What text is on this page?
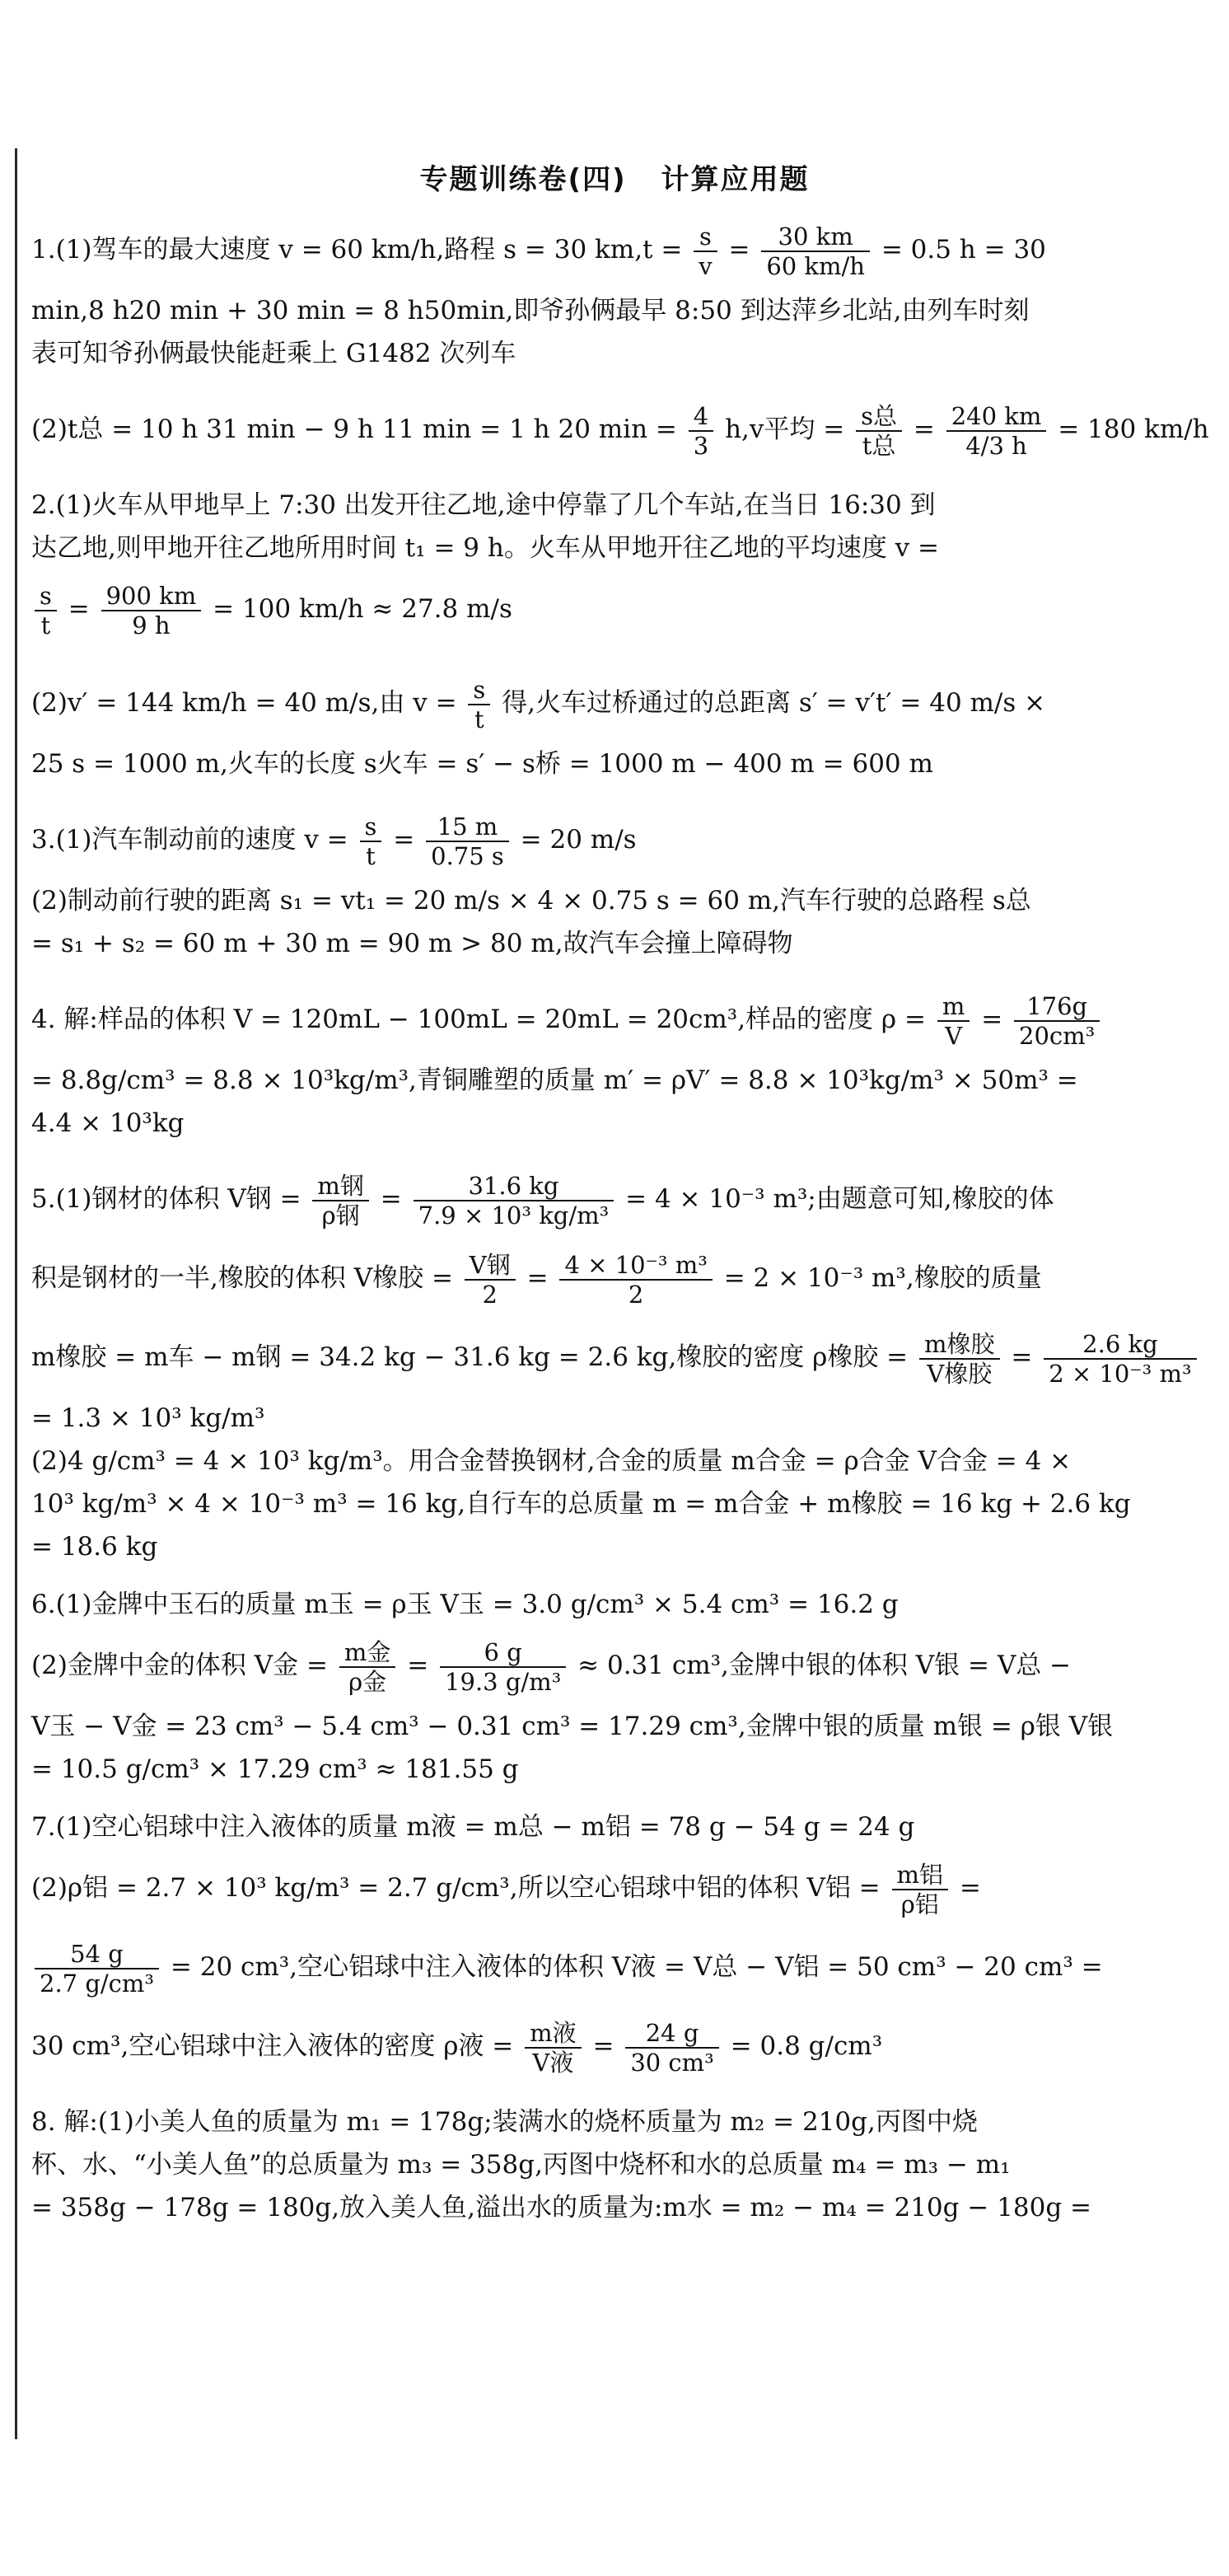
专题训练卷(四) 计算应用题
1.(1)驾车的最大速度 v = 60 km/h,路程 s = 30 $km,t = \frac{s}{v} = \frac{30 km}{60 km/h} = 0.5$ h = 30
min,8 h20 min + 30 min = 8 h50min,即爷孙俩最早 8:50 到达萍乡北站,由列车时刻
表可知爷孙俩最快能赶乘上 G1482 次列车
(2)t总 = 10 h 31 min − 9 h 11 min = 1 h 20 $\min = \frac{4}{3} h,v$平均 = $\frac{\text{s总}}{\text{t总}} = \frac{240 km}{4/3 h} = 180$ km/h
2.(1)火车从甲地早上 7:30 出发开往乙地,途中停靠了几个车站,在当日 16:30 到
达乙地,则甲地开往乙地所用时间 t₁ = 9 h。火车从甲地开往乙地的平均速度 v =
$\frac{s}{t} = \frac{900 km}{9 h} = 100$ km/h ≈ 27.8 m/s
(2)v′ = 144 km/h = 40 m/s,由 $v = \frac{s}{t}$ 得,火车过桥通过的总距离 s′ = v′t′ = 40 m/s ×
25 s = 1000 m,火车的长度 s火车 = s′ − s桥 = 1000 m − 400 m = 600 m
3.(1)汽车制动前的速度 $v = \frac{s}{t} = \frac{15 m}{0.75 s} = 20$ m/s
(2)制动前行驶的距离 s₁ = vt₁ = 20 m/s × 4 × 0.75 s = 60 m,汽车行驶的总路程 s总
= s₁ + s₂ = 60 m + 30 m = 90 m > 80 m,故汽车会撞上障碍物
4. 解:样品的体积 V = 120mL − 100mL = 20mL = 20cm³,样品的密度 $\rho = \frac{m}{V} = \frac{176g}{\text{20cm³}}$
= 8.8g/cm³ = 8.8 × 10³kg/m³,青铜雕塑的质量 m′ = ρV′ = 8.8 × 10³kg/m³ × 50m³ =
4.4 × 10³kg
5.(1)钢材的体积 V钢 = $\frac{\text{m钢}}{\text{ρ钢}} = \frac{31.6 kg}{\text{7.9 × 10³ kg/m³}} = 4 \times 10^{-3}$ m³;由题意可知,橡胶的体
积是钢材的一半,橡胶的体积 V橡胶 = $\frac{\text{V钢}}{2} = \frac{\text{4 × 10⁻³ m³}}{2} = 2 \times 10^{-3}$ m³,橡胶的质量
m橡胶 = m车 − m钢 = 34.2 kg − 31.6 kg = 2.6 kg,橡胶的密度 ρ橡胶 = $\frac{\text{m橡胶}}{\text{V橡胶}} = \frac{2.6 kg}{\text{2 × 10⁻³ m³}}$
= 1.3 × 10³ kg/m³
(2)4 g/cm³ = 4 × 10³ kg/m³。用合金替换钢材,合金的质量 m合金 = ρ合金 V合金 = 4 ×
10³ kg/m³ × 4 × 10⁻³ m³ = 16 kg,自行车的总质量 m = m合金 + m橡胶 = 16 kg + 2.6 kg
= 18.6 kg
6.(1)金牌中玉石的质量 m玉 = ρ玉 V玉 = 3.0 g/cm³ × 5.4 cm³ = 16.2 g
(2)金牌中金的体积 V金 = $\frac{\text{m金}}{\text{ρ金}} = \frac{6 g}{\text{19.3 g/m³}} \approx 0.31$ cm³,金牌中银的体积 V银 = V总 −
V玉 − V金 = 23 cm³ − 5.4 cm³ − 0.31 cm³ = 17.29 cm³,金牌中银的质量 m银 = ρ银 V银
= 10.5 g/cm³ × 17.29 cm³ ≈ 181.55 g
7.(1)空心铝球中注入液体的质量 m液 = m总 − m铝 = 78 g − 54 g = 24 g
(2)ρ铝 = 2.7 × 10³ kg/m³ = 2.7 g/cm³,所以空心铝球中铝的体积 V铝 = $\frac{\text{m铝}}{\text{ρ铝}}$ =
$\frac{54 g}{\text{2.7 g/cm³}} = 20$ cm³,空心铝球中注入液体的体积 V液 = V总 − V铝 = 50 cm³ − 20 cm³ =
30 cm³,空心铝球中注入液体的密度 ρ液 = $\frac{\text{m液}}{\text{V液}} = \frac{24 g}{\text{30 cm³}} = 0.8$ g/cm³
8. 解:(1)小美人鱼的质量为 m₁ = 178g;装满水的烧杯质量为 m₂ = 210g,丙图中烧
杯、水、“小美人鱼”的总质量为 m₃ = 358g,丙图中烧杯和水的总质量 m₄ = m₃ − m₁
= 358g − 178g = 180g,放入美人鱼,溢出水的质量为:m水 = m₂ − m₄ = 210g − 180g =
